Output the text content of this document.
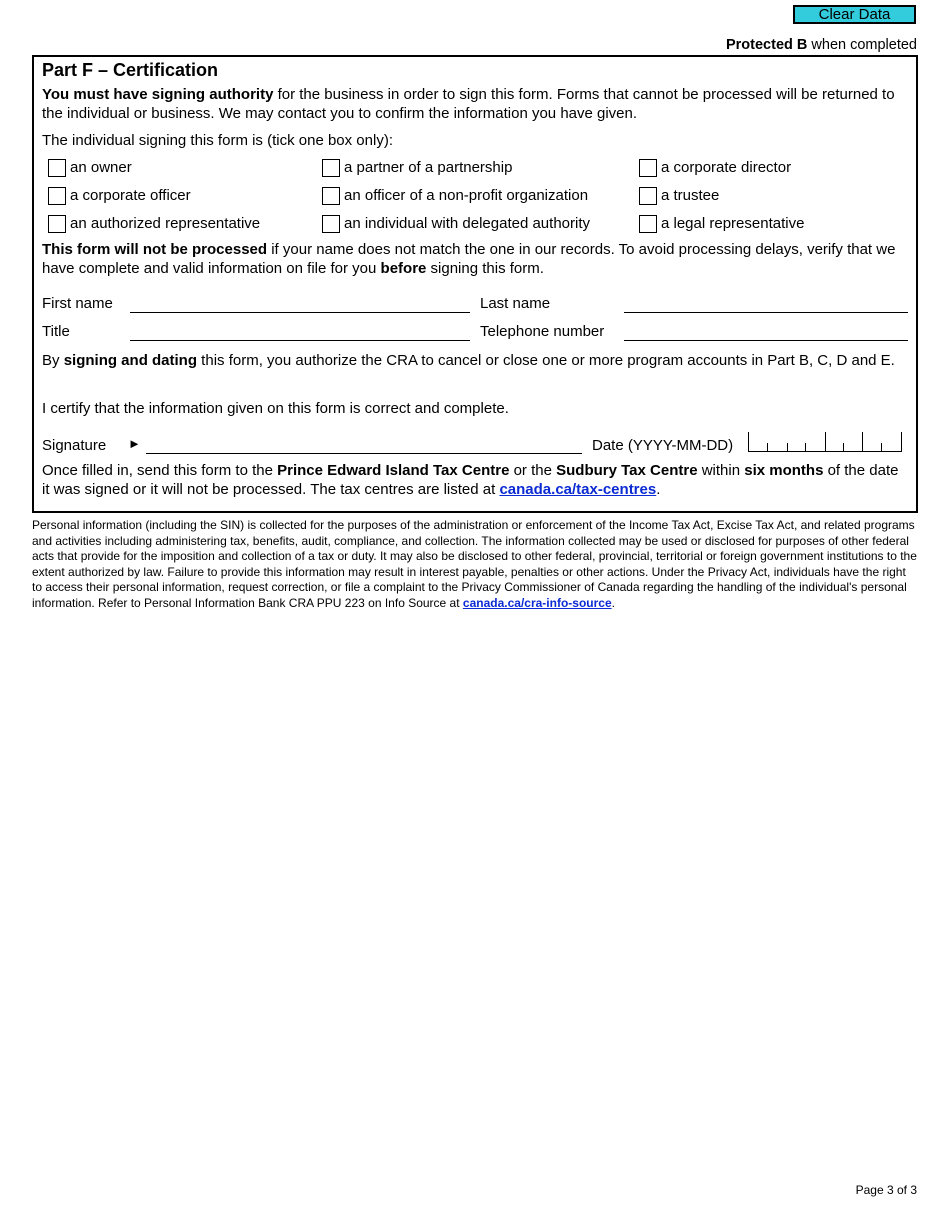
Clear Data
Protected B when completed
Part F – Certification
You must have signing authority for the business in order to sign this form. Forms that cannot be processed will be returned to the individual or business. We may contact you to confirm the information you have given.
The individual signing this form is (tick one box only):
an owner	a partner of a partnership	a corporate director
a corporate officer	an officer of a non-profit organization	a trustee
an authorized representative	an individual with delegated authority	a legal representative
This form will not be processed if your name does not match the one in our records. To avoid processing delays, verify that we have complete and valid information on file for you before signing this form.
First name	Last name
Title	Telephone number
By signing and dating this form, you authorize the CRA to cancel or close one or more program accounts in Part B, C, D and E.
I certify that the information given on this form is correct and complete.
Signature ►	Date (YYYY-MM-DD)
Once filled in, send this form to the Prince Edward Island Tax Centre or the Sudbury Tax Centre within six months of the date it was signed or it will not be processed. The tax centres are listed at canada.ca/tax-centres.
Personal information (including the SIN) is collected for the purposes of the administration or enforcement of the Income Tax Act, Excise Tax Act, and related programs and activities including administering tax, benefits, audit, compliance, and collection. The information collected may be used or disclosed for purposes of other federal acts that provide for the imposition and collection of a tax or duty. It may also be disclosed to other federal, provincial, territorial or foreign government institutions to the extent authorized by law. Failure to provide this information may result in interest payable, penalties or other actions. Under the Privacy Act, individuals have the right to access their personal information, request correction, or file a complaint to the Privacy Commissioner of Canada regarding the handling of the individual's personal information. Refer to Personal Information Bank CRA PPU 223 on Info Source at canada.ca/cra-info-source.
Page 3 of 3
